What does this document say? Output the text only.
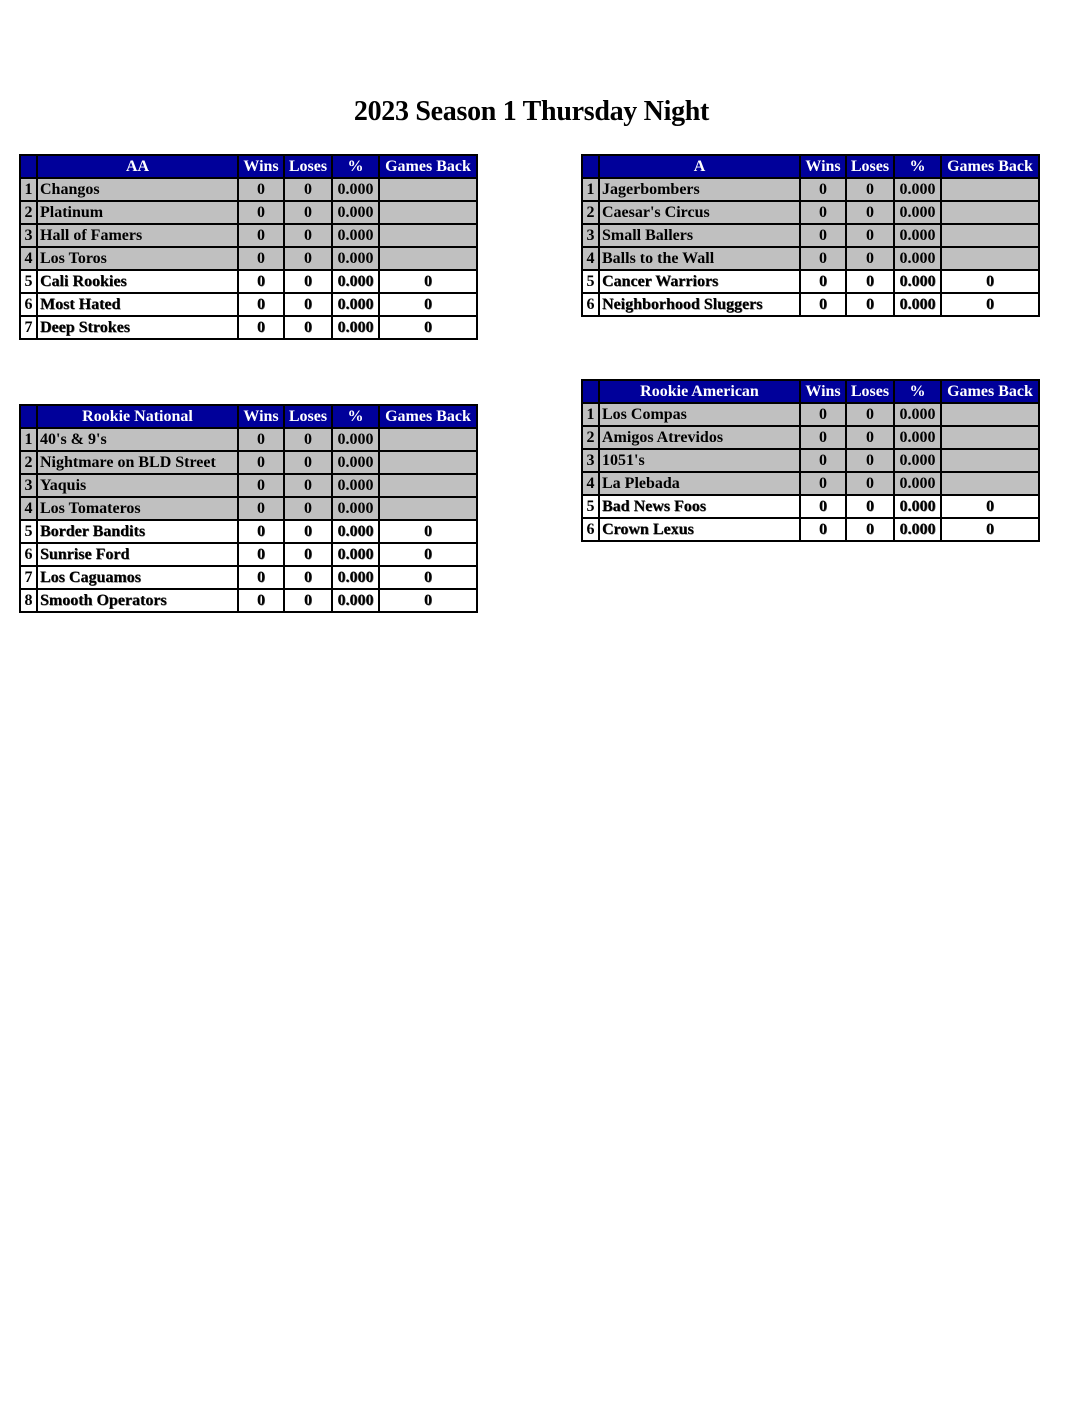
2023 Season 1 Thursday Night
	AA	Wins	Loses	%	Games Back
1	Changos	0	0	0.000	
2	Platinum	0	0	0.000	
3	Hall of Famers	0	0	0.000	
4	Los Toros	0	0	0.000	
5	Cali Rookies	0	0	0.000	0
6	Most Hated	0	0	0.000	0
7	Deep Strokes	0	0	0.000	0
	A	Wins	Loses	%	Games Back
1	Jagerbombers	0	0	0.000	
2	Caesar's Circus	0	0	0.000	
3	Small Ballers	0	0	0.000	
4	Balls to the Wall	0	0	0.000	
5	Cancer Warriors	0	0	0.000	0
6	Neighborhood Sluggers	0	0	0.000	0
	Rookie National	Wins	Loses	%	Games Back
1	40's & 9's	0	0	0.000	
2	Nightmare on BLD Street	0	0	0.000	
3	Yaquis	0	0	0.000	
4	Los Tomateros	0	0	0.000	
5	Border Bandits	0	0	0.000	0
6	Sunrise Ford	0	0	0.000	0
7	Los Caguamos	0	0	0.000	0
8	Smooth Operators	0	0	0.000	0
	Rookie American	Wins	Loses	%	Games Back
1	Los Compas	0	0	0.000	
2	Amigos Atrevidos	0	0	0.000	
3	1051's	0	0	0.000	
4	La Plebada	0	0	0.000	
5	Bad News Foos	0	0	0.000	0
6	Crown Lexus	0	0	0.000	0
